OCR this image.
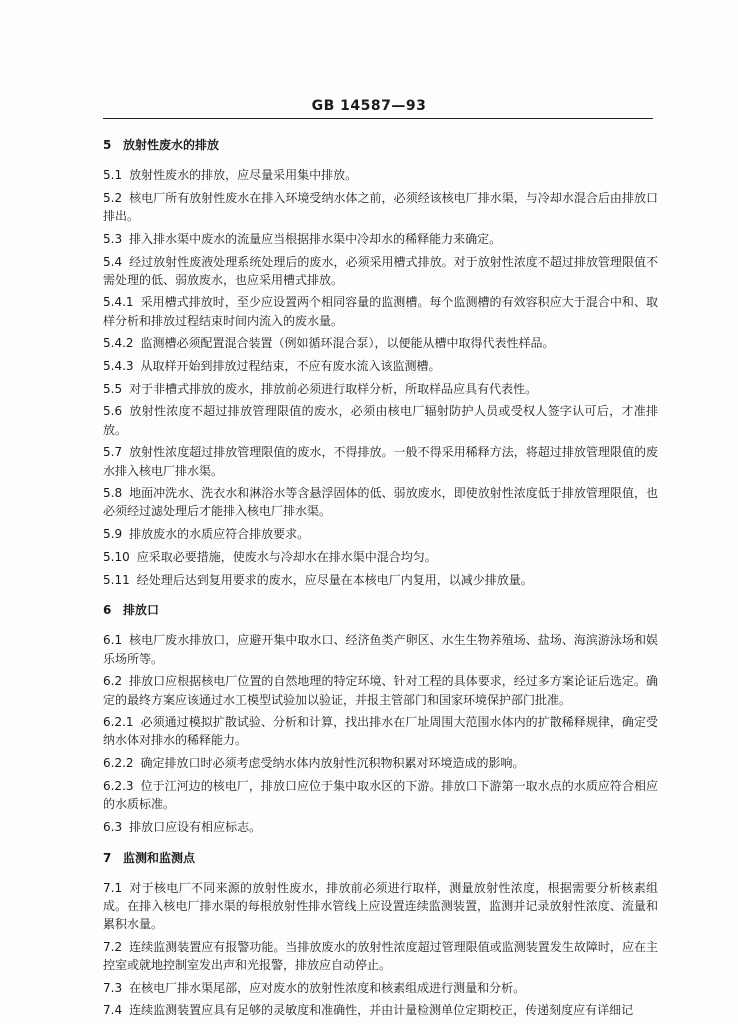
GB 14587—93
5 放射性废水的排放
5.1 放射性废水的排放，应尽量采用集中排放。
5.2 核电厂所有放射性废水在排入环境受纳水体之前，必须经该核电厂排水渠，与冷却水混合后由排放口排出。
5.3 排入排水渠中废水的流量应当根据排水渠中冷却水的稀释能力来确定。
5.4 经过放射性废液处理系统处理后的废水，必须采用槽式排放。对于放射性浓度不超过排放管理限值不需处理的低、弱放废水，也应采用槽式排放。
5.4.1 采用槽式排放时，至少应设置两个相同容量的监测槽。每个监测槽的有效容积应大于混合中和、取样分析和排放过程结束时间内流入的废水量。
5.4.2 监测槽必须配置混合装置（例如循环混合泵），以便能从槽中取得代表性样品。
5.4.3 从取样开始到排放过程结束，不应有废水流入该监测槽。
5.5 对于非槽式排放的废水，排放前必须进行取样分析，所取样品应具有代表性。
5.6 放射性浓度不超过排放管理限值的废水，必须由核电厂辐射防护人员或受权人签字认可后，才准排放。
5.7 放射性浓度超过排放管理限值的废水，不得排放。一般不得采用稀释方法，将超过排放管理限值的废水排入核电厂排水渠。
5.8 地面冲洗水、洗衣水和淋浴水等含悬浮固体的低、弱放废水，即使放射性浓度低于排放管理限值，也必须经过滤处理后才能排入核电厂排水渠。
5.9 排放废水的水质应符合排放要求。
5.10 应采取必要措施，使废水与冷却水在排水渠中混合均匀。
5.11 经处理后达到复用要求的废水，应尽量在本核电厂内复用，以减少排放量。
6 排放口
6.1 核电厂废水排放口，应避开集中取水口、经济鱼类产卵区、水生生物养殖场、盐场、海滨游泳场和娱乐场所等。
6.2 排放口应根据核电厂位置的自然地理的特定环境、针对工程的具体要求，经过多方案论证后选定。确定的最终方案应该通过水工模型试验加以验证，并报主管部门和国家环境保护部门批准。
6.2.1 必须通过模拟扩散试验、分析和计算，找出排水在厂址周围大范围水体内的扩散稀释规律，确定受纳水体对排水的稀释能力。
6.2.2 确定排放口时必须考虑受纳水体内放射性沉积物积累对环境造成的影响。
6.2.3 位于江河边的核电厂，排放口应位于集中取水区的下游。排放口下游第一取水点的水质应符合相应的水质标准。
6.3 排放口应设有相应标志。
7 监测和监测点
7.1 对于核电厂不同来源的放射性废水，排放前必须进行取样，测量放射性浓度，根据需要分析核素组成。在排入核电厂排水渠的每根放射性排水管线上应设置连续监测装置，监测并记录放射性浓度、流量和累积水量。
7.2 连续监测装置应有报警功能。当排放废水的放射性浓度超过管理限值或监测装置发生故障时，应在主控室或就地控制室发出声和光报警，排放应自动停止。
7.3 在核电厂排水渠尾部，应对废水的放射性浓度和核素组成进行测量和分析。
7.4 连续监测装置应具有足够的灵敏度和准确性，并由计量检测单位定期校正，传递刻度应有详细记
